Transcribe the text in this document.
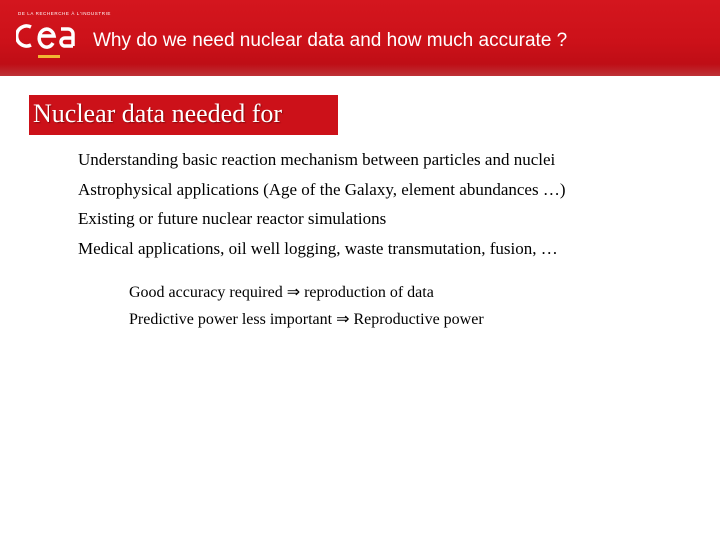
DE LA RECHERCHE À L'INDUSTRIE
Why do we need nuclear data and how much accurate ?
Nuclear data needed for
Understanding basic reaction mechanism between particles and nuclei
Astrophysical applications (Age of the Galaxy, element abundances …)
Existing or future nuclear reactor simulations
Medical applications, oil well logging, waste transmutation, fusion, …
Good accuracy required ⇒ reproduction of data
Predictive power less important ⇒ Reproductive power
